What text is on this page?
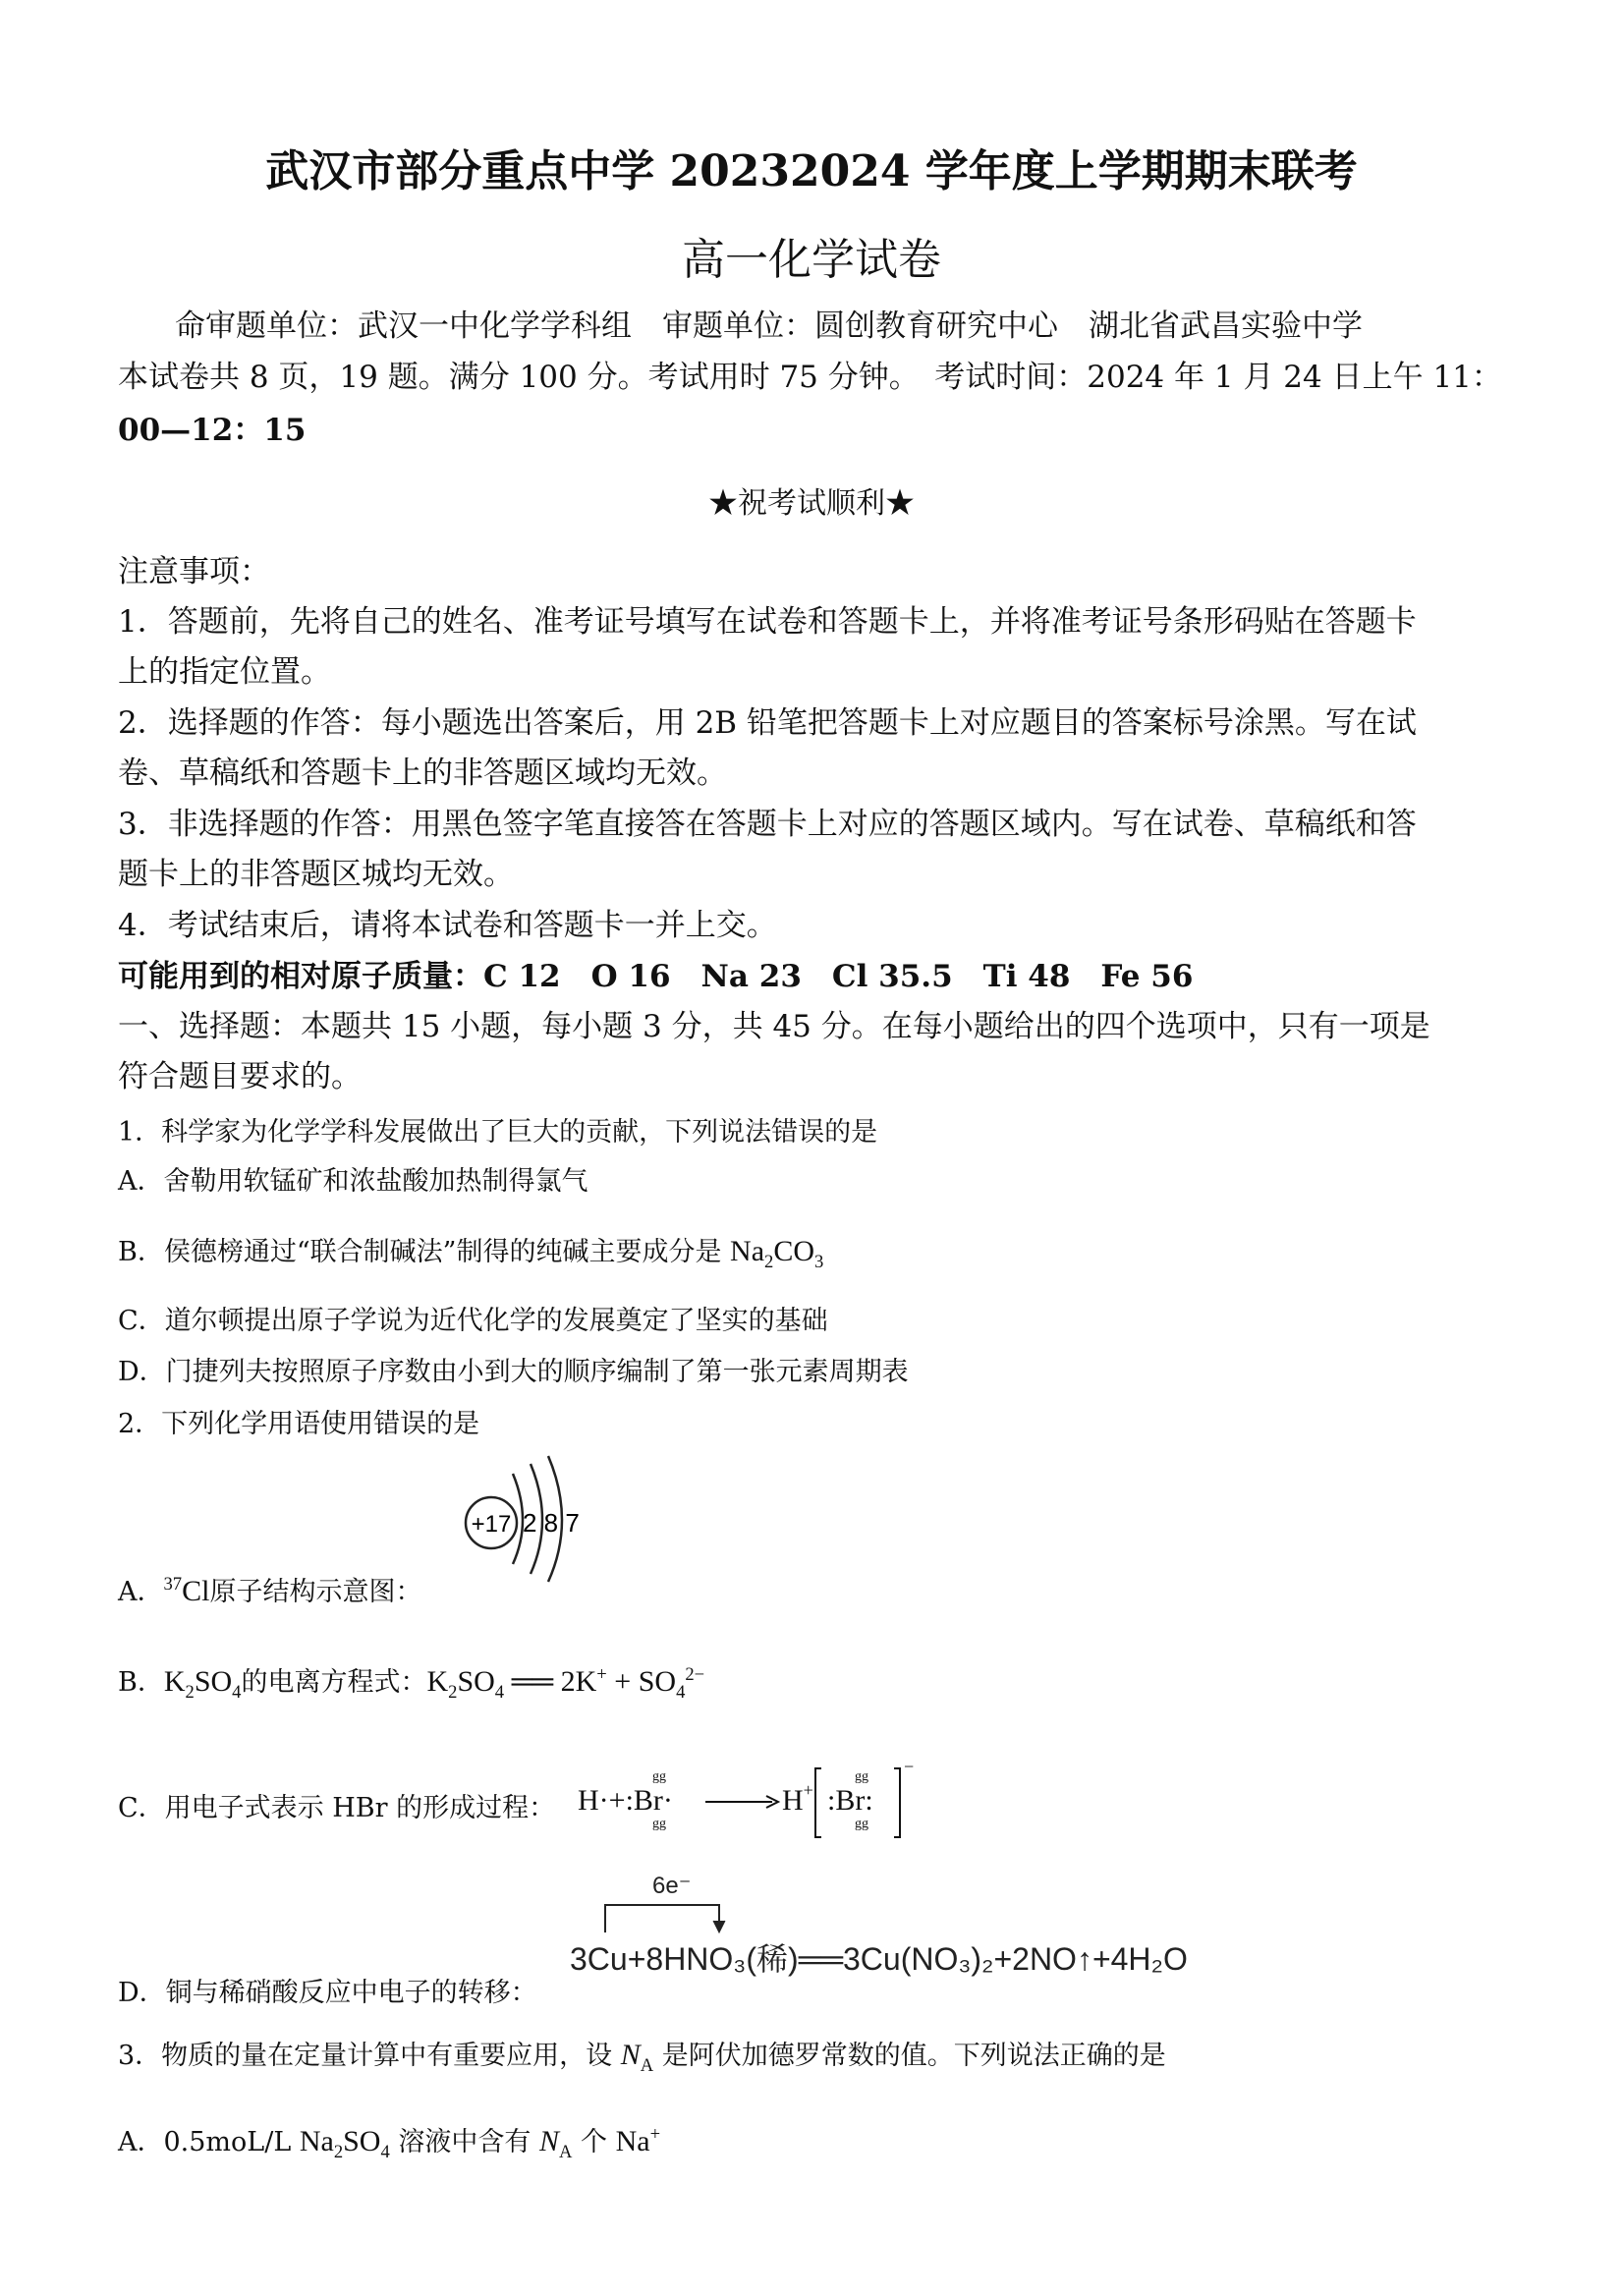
武汉市部分重点中学 20232024 学年度上学期期末联考
高一化学试卷
命审题单位：武汉一中化学学科组　审题单位：圆创教育研究中心　湖北省武昌实验中学
本试卷共 8 页，19 题。满分 100 分。考试用时 75 分钟。　考试时间：2024 年 1 月 24 日上午 11：
00—12：15
★祝考试顺利★
注意事项：
1．答题前，先将自己的姓名、准考证号填写在试卷和答题卡上，并将准考证号条形码贴在答题卡
上的指定位置。
2．选择题的作答：每小题选出答案后，用 2B 铅笔把答题卡上对应题目的答案标号涂黑。写在试
卷、草稿纸和答题卡上的非答题区域均无效。
3．非选择题的作答：用黑色签字笔直接答在答题卡上对应的答题区域内。写在试卷、草稿纸和答
题卡上的非答题区城均无效。
4．考试结束后，请将本试卷和答题卡一并上交。
可能用到的相对原子质量：C 12　O 16　Na 23　Cl 35.5　Ti 48　Fe 56
一、选择题：本题共 15 小题，每小题 3 分，共 45 分。在每小题给出的四个选项中，只有一项是
符合题目要求的。
1．科学家为化学学科发展做出了巨大的贡献，下列说法错误的是
A．舍勒用软锰矿和浓盐酸加热制得氯气
B．侯德榜通过“联合制碱法”制得的纯碱主要成分是 $Na_2CO_3$
C．道尔顿提出原子学说为近代化学的发展奠定了坚实的基础
D．门捷列夫按照原子序数由小到大的顺序编制了第一张元素周期表
2．下列化学用语使用错误的是
+17 2 8 7
A．$^{37}$Cl原子结构示意图：
B．$K_2SO_4$的电离方程式：$K_2SO_4$ ══ $2K^+ + SO_4^{2-}$
C．用电子式表示 HBr 的形成过程： H·+:Br·
gg
gg
H+ :Br:
gg
gg
−
D．铜与稀硝酸反应中电子的转移：
6e⁻
3Cu+8HNO₃(稀)══3Cu(NO₃)₂+2NO↑+4H₂O
3．物质的量在定量计算中有重要应用，设 $N_A$ 是阿伏加德罗常数的值。下列说法正确的是
A．0.5moL/L $Na_2SO_4$ 溶液中含有 $N_A$ 个 Na+
